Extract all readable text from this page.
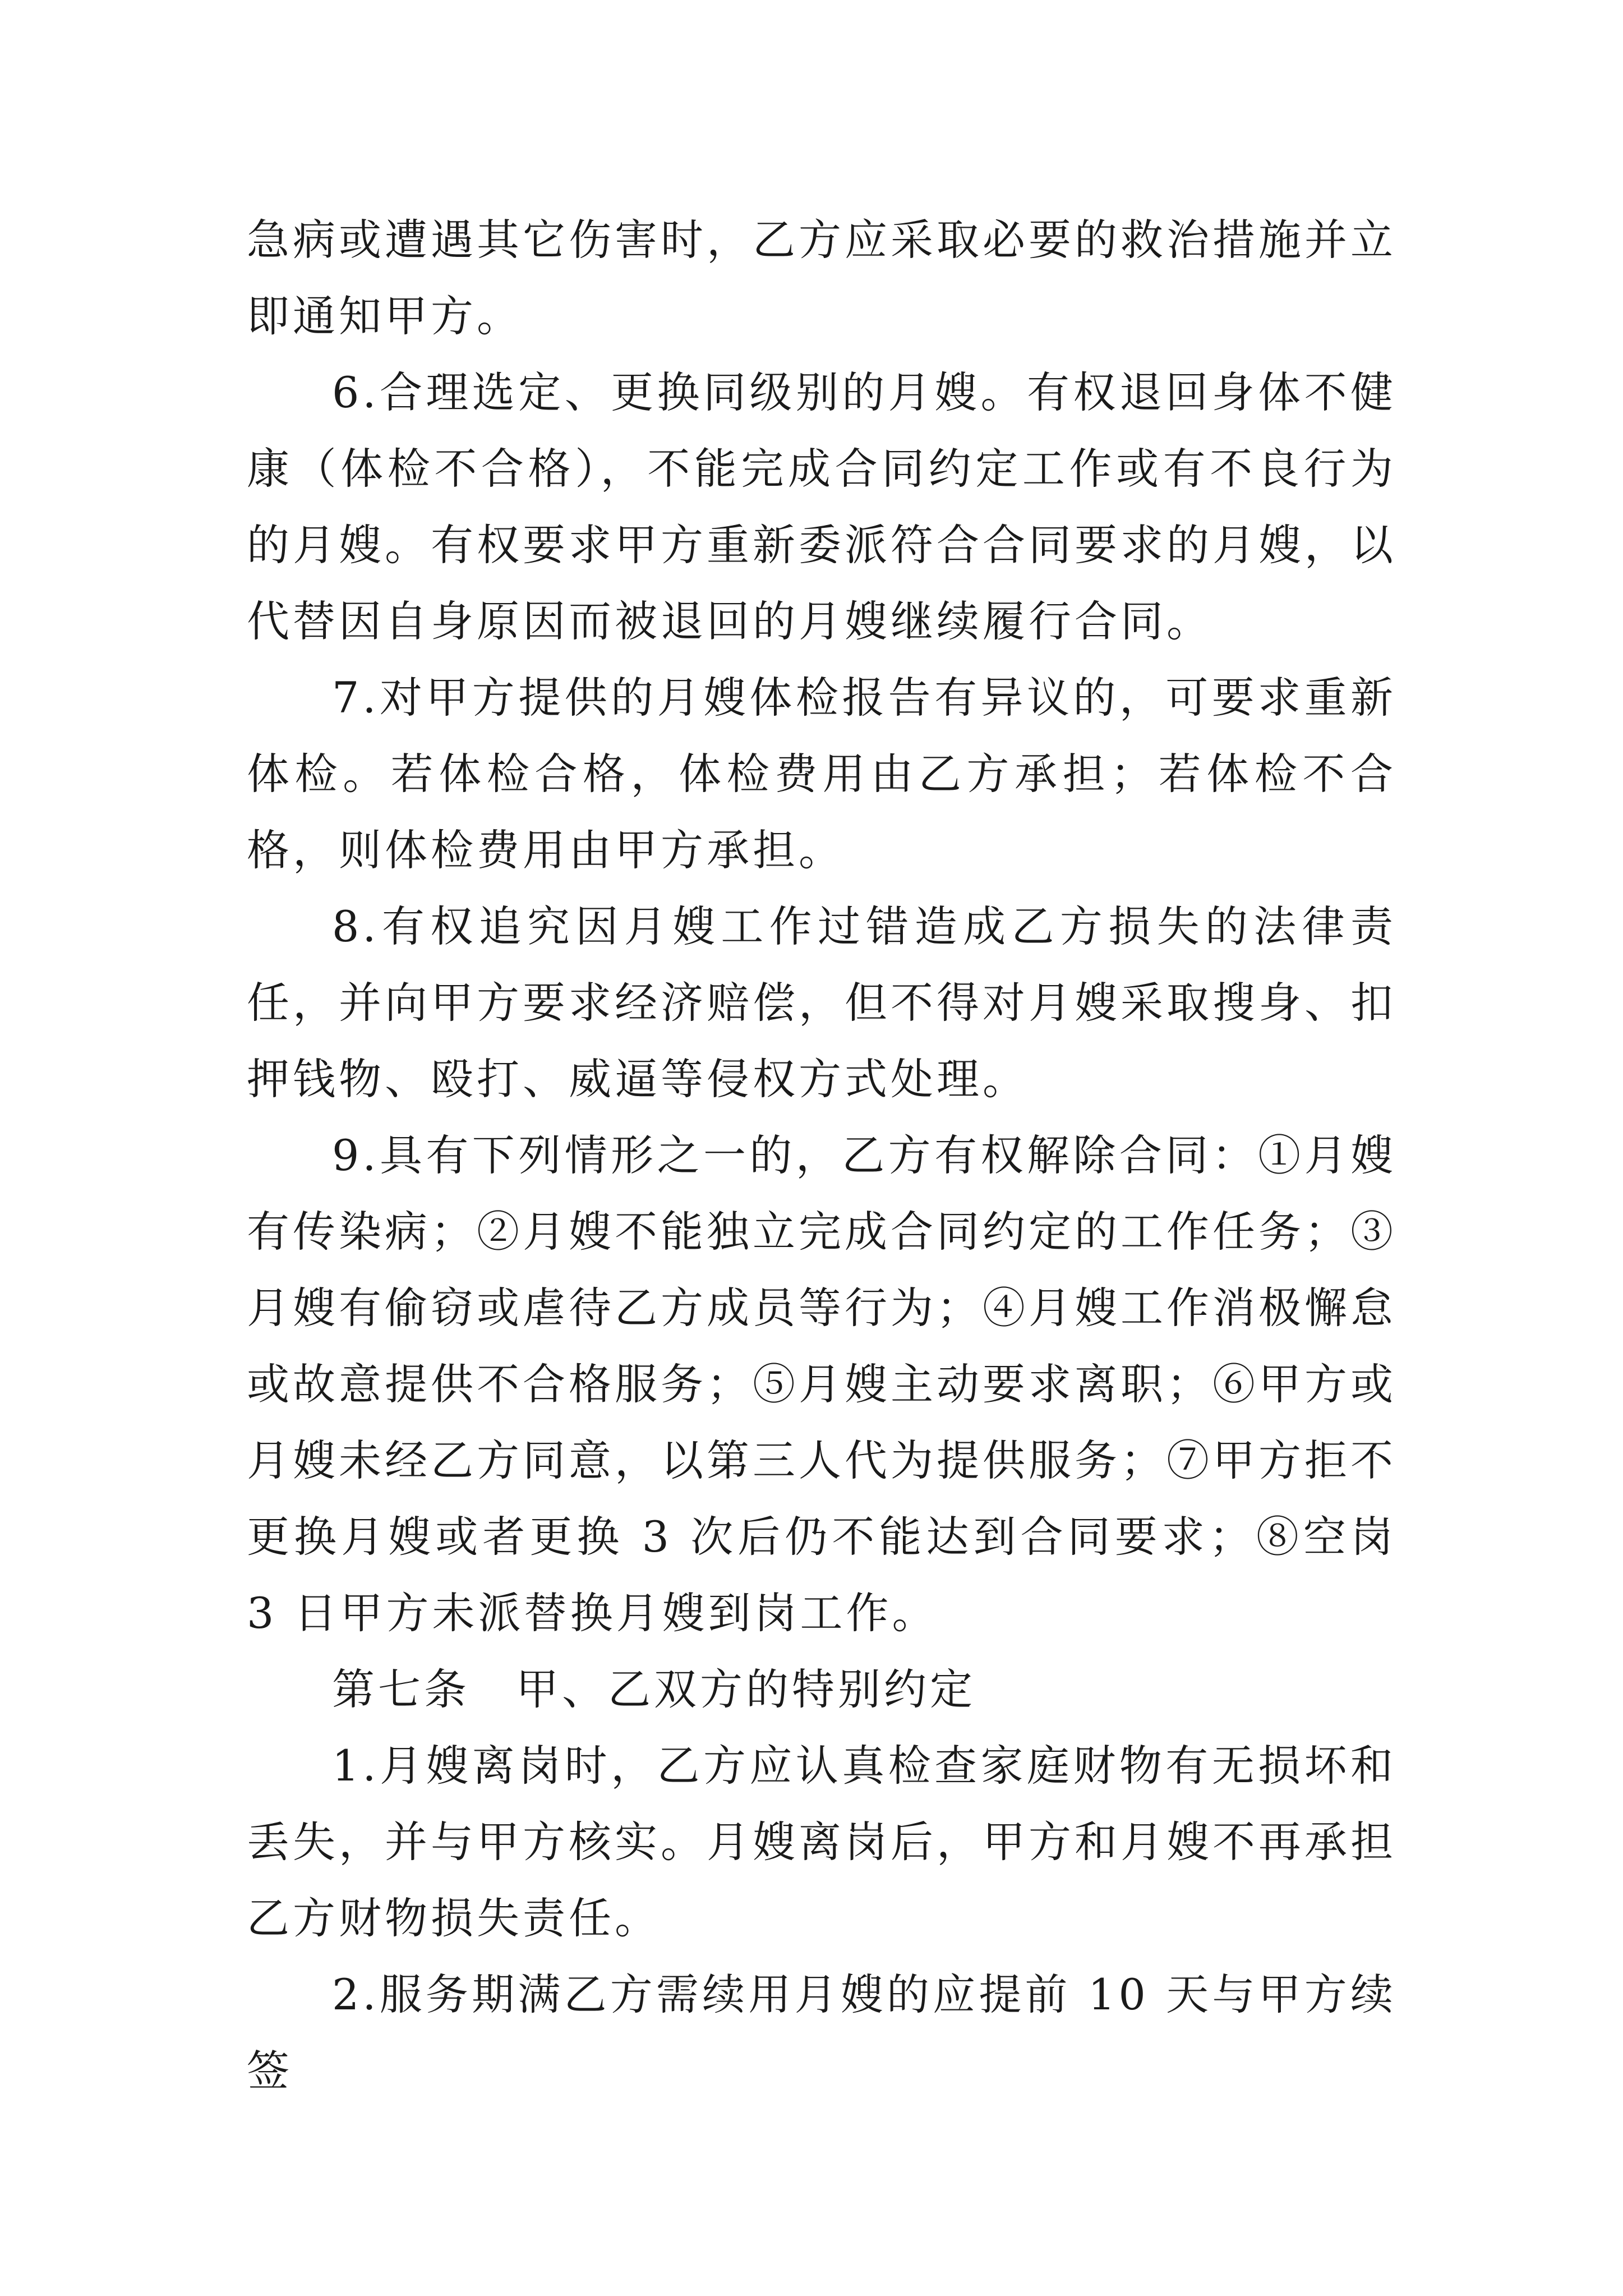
急病或遭遇其它伤害时，乙方应采取必要的救治措施并立即通知甲方。

6.合理选定、更换同级别的月嫂。有权退回身体不健康（体检不合格），不能完成合同约定工作或有不良行为的月嫂。有权要求甲方重新委派符合合同要求的月嫂，以代替因自身原因而被退回的月嫂继续履行合同。

7.对甲方提供的月嫂体检报告有异议的，可要求重新体检。若体检合格，体检费用由乙方承担；若体检不合格，则体检费用由甲方承担。

8.有权追究因月嫂工作过错造成乙方损失的法律责任，并向甲方要求经济赔偿，但不得对月嫂采取搜身、扣押钱物、殴打、威逼等侵权方式处理。

9.具有下列情形之一的，乙方有权解除合同：①月嫂有传染病；②月嫂不能独立完成合同约定的工作任务；③月嫂有偷窃或虐待乙方成员等行为；④月嫂工作消极懈怠或故意提供不合格服务；⑤月嫂主动要求离职；⑥甲方或月嫂未经乙方同意，以第三人代为提供服务；⑦甲方拒不更换月嫂或者更换 3 次后仍不能达到合同要求；⑧空岗 3 日甲方未派替换月嫂到岗工作。

第七条　甲、乙双方的特别约定

1.月嫂离岗时，乙方应认真检查家庭财物有无损坏和丢失，并与甲方核实。月嫂离岗后，甲方和月嫂不再承担乙方财物损失责任。

2.服务期满乙方需续用月嫂的应提前 10 天与甲方续签
